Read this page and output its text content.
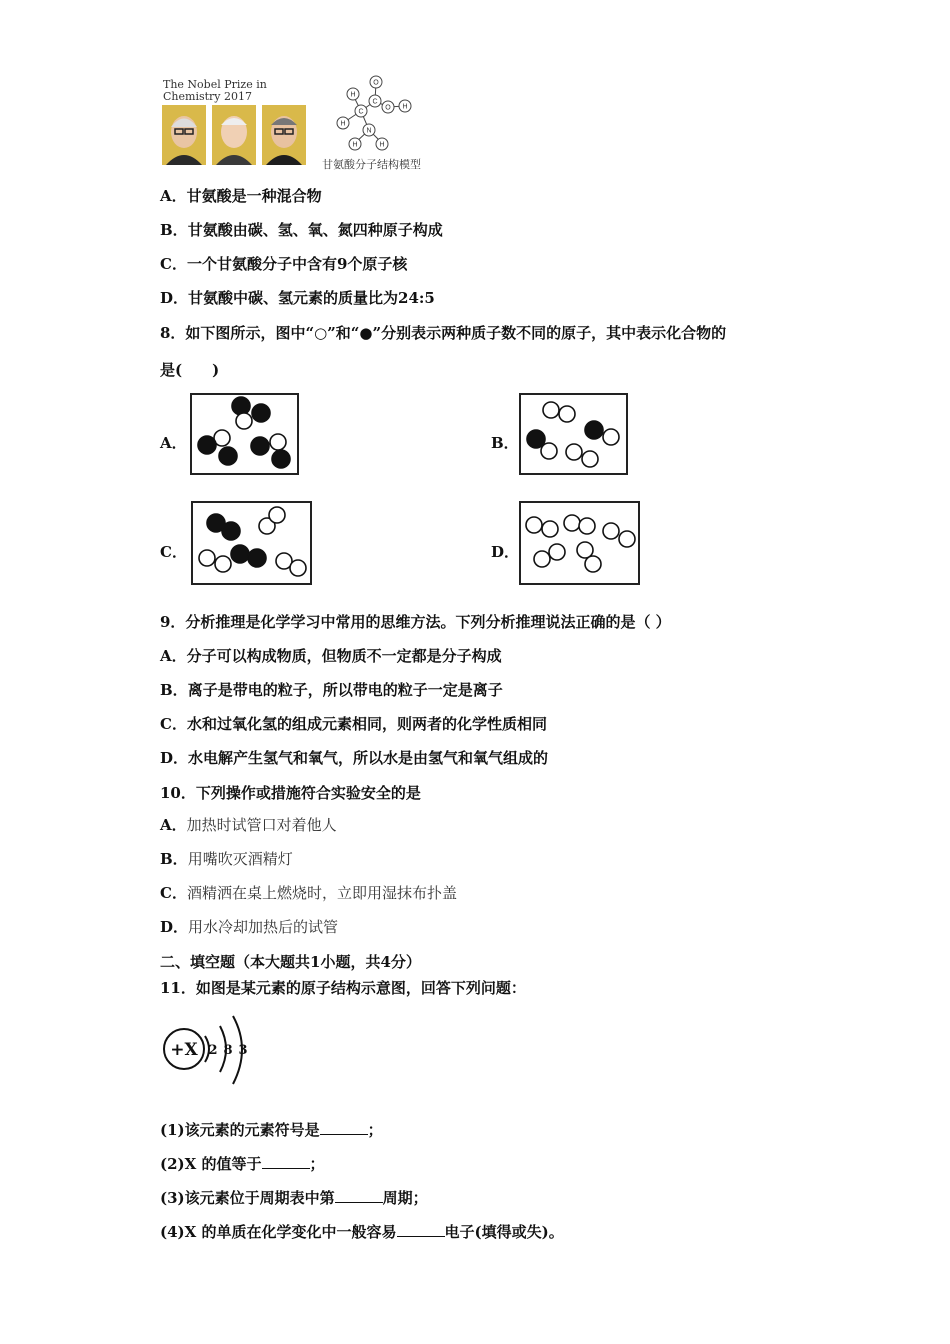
The Nobel Prize in
Chemistry 2017
O
H
C
C
O H
H
N
H	H
甘氨酸分子结构模型
A．甘氨酸是一种混合物
B．甘氨酸由碳、氢、氧、氮四种原子构成
C．一个甘氨酸分子中含有9个原子核
D．甘氨酸中碳、氢元素的质量比为24:5
8．如下图所示，图中“○”和“●”分别表示两种质子数不同的原子，其中表示化合物的
是(　　)
A．	B．
C．	D．
9．分析推理是化学学习中常用的思维方法。下列分析推理说法正确的是（ ）
A．分子可以构成物质，但物质不一定都是分子构成
B．离子是带电的粒子，所以带电的粒子一定是离子
C．水和过氧化氢的组成元素相同，则两者的化学性质相同
D．水电解产生氢气和氧气，所以水是由氢气和氧气组成的
10．下列操作或措施符合实验安全的是
A．加热时试管口对着他人
B．用嘴吹灭酒精灯
C．酒精洒在桌上燃烧时，立即用湿抹布扑盖
D．用水冷却加热后的试管
二、填空题（本大题共1小题，共4分）
11．如图是某元素的原子结构示意图，回答下列问题：
+X 2 8 3
(1)该元素的元素符号是	；
(2)X 的值等于	；
(3)该元素位于周期表中第	周期；
(4)X 的单质在化学变化中一般容易	电子(填得或失)。
